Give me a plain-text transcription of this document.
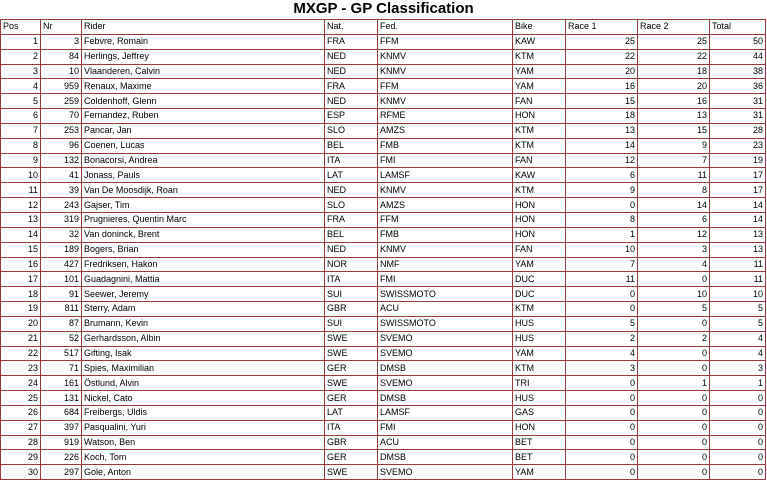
MXGP - GP Classification
Pos	Nr	Rider	Nat.	Fed.	Bike	Race 1	Race 2	Total
1	3	Febvre, Romain	FRA	FFM	KAW	25	25	50
2	84	Herlings, Jeffrey	NED	KNMV	KTM	22	22	44
3	10	Vlaanderen, Calvin	NED	KNMV	YAM	20	18	38
4	959	Renaux, Maxime	FRA	FFM	YAM	16	20	36
5	259	Coldenhoff, Glenn	NED	KNMV	FAN	15	16	31
6	70	Fernandez, Ruben	ESP	RFME	HON	18	13	31
7	253	Pancar, Jan	SLO	AMZS	KTM	13	15	28
8	96	Coenen, Lucas	BEL	FMB	KTM	14	9	23
9	132	Bonacorsi, Andrea	ITA	FMI	FAN	12	7	19
10	41	Jonass, Pauls	LAT	LAMSF	KAW	6	11	17
11	39	Van De Moosdijk, Roan	NED	KNMV	KTM	9	8	17
12	243	Gajser, Tim	SLO	AMZS	HON	0	14	14
13	319	Prugnieres, Quentin Marc	FRA	FFM	HON	8	6	14
14	32	Van doninck, Brent	BEL	FMB	HON	1	12	13
15	189	Bogers, Brian	NED	KNMV	FAN	10	3	13
16	427	Fredriksen, Hakon	NOR	NMF	YAM	7	4	11
17	101	Guadagnini, Mattia	ITA	FMI	DUC	11	0	11
18	91	Seewer, Jeremy	SUI	SWISSMOTO	DUC	0	10	10
19	811	Sterry, Adam	GBR	ACU	KTM	0	5	5
20	87	Brumann, Kevin	SUI	SWISSMOTO	HUS	5	0	5
21	52	Gerhardsson, Albin	SWE	SVEMO	HUS	2	2	4
22	517	Gifting, Isak	SWE	SVEMO	YAM	4	0	4
23	71	Spies, Maximilian	GER	DMSB	KTM	3	0	3
24	161	Östlund, Alvin	SWE	SVEMO	TRI	0	1	1
25	131	Nickel, Cato	GER	DMSB	HUS	0	0	0
26	684	Freibergs, Uldis	LAT	LAMSF	GAS	0	0	0
27	397	Pasqualini, Yuri	ITA	FMI	HON	0	0	0
28	919	Watson, Ben	GBR	ACU	BET	0	0	0
29	226	Koch, Tom	GER	DMSB	BET	0	0	0
30	297	Gole, Anton	SWE	SVEMO	YAM	0	0	0
